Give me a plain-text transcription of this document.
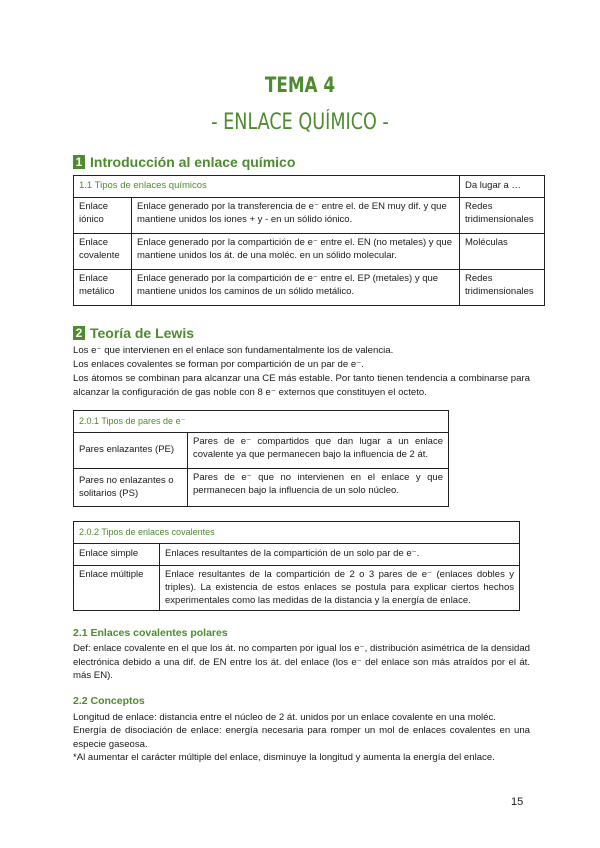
TEMA 4
- ENLACE QUÍMICO -
1 Introducción al enlace químico
1.1 Tipos de enlaces químicos		Da lugar a …
Enlace iónico	Enlace generado por la transferencia de e⁻ entre el. de EN muy dif. y que mantiene unidos los iones + y - en un sólido iónico.	Redes tridimensionales
Enlace covalente	Enlace generado por la compartición de e⁻ entre el. EN (no metales) y que mantiene unidos los át. de una moléc. en un sólido molecular.	Moléculas
Enlace metálico	Enlace generado por la compartición de e⁻ entre el. EP (metales) y que mantiene unidos los caminos de un sólido metálico.	Redes tridimensionales
2 Teoría de Lewis
Los e⁻ que intervienen en el enlace son fundamentalmente los de valencia.
Los enlaces covalentes se forman por compartición de un par de e⁻.
Los átomos se combinan para alcanzar una CE más estable. Por tanto tienen tendencia a combinarse para alcanzar la configuración de gas noble con 8 e⁻ externos que constituyen el octeto.
2.0.1 Tipos de pares de e⁻	
Pares enlazantes (PE)	Pares de e⁻ compartidos que dan lugar a un enlace covalente ya que permanecen bajo la influencia de 2 át.
Pares no enlazantes o solitarios (PS)	Pares de e⁻ que no intervienen en el enlace y que permanecen bajo la influencia de un solo núcleo.
2.0.2 Tipos de enlaces covalentes	
Enlace simple	Enlaces resultantes de la compartición de un solo par de e⁻.
Enlace múltiple	Enlace resultantes de la compartición de 2 o 3 pares de e⁻ (enlaces dobles y triples). La existencia de estos enlaces se postula para explicar ciertos hechos experimentales como las medidas de la distancia y la energía de enlace.
2.1 Enlaces covalentes polares
Def: enlace covalente en el que los át. no comparten por igual los e⁻, distribución asimétrica de la densidad electrónica debido a una dif. de EN entre los át. del enlace (los e⁻ del enlace son más atraídos por el át. más EN).
2.2 Conceptos
Longitud de enlace: distancia entre el núcleo de 2 át. unidos por un enlace covalente en una moléc.
Energía de disociación de enlace: energía necesaria para romper un mol de enlaces covalentes en una especie gaseosa.
*Al aumentar el carácter múltiple del enlace, disminuye la longitud y aumenta la energía del enlace.
15
